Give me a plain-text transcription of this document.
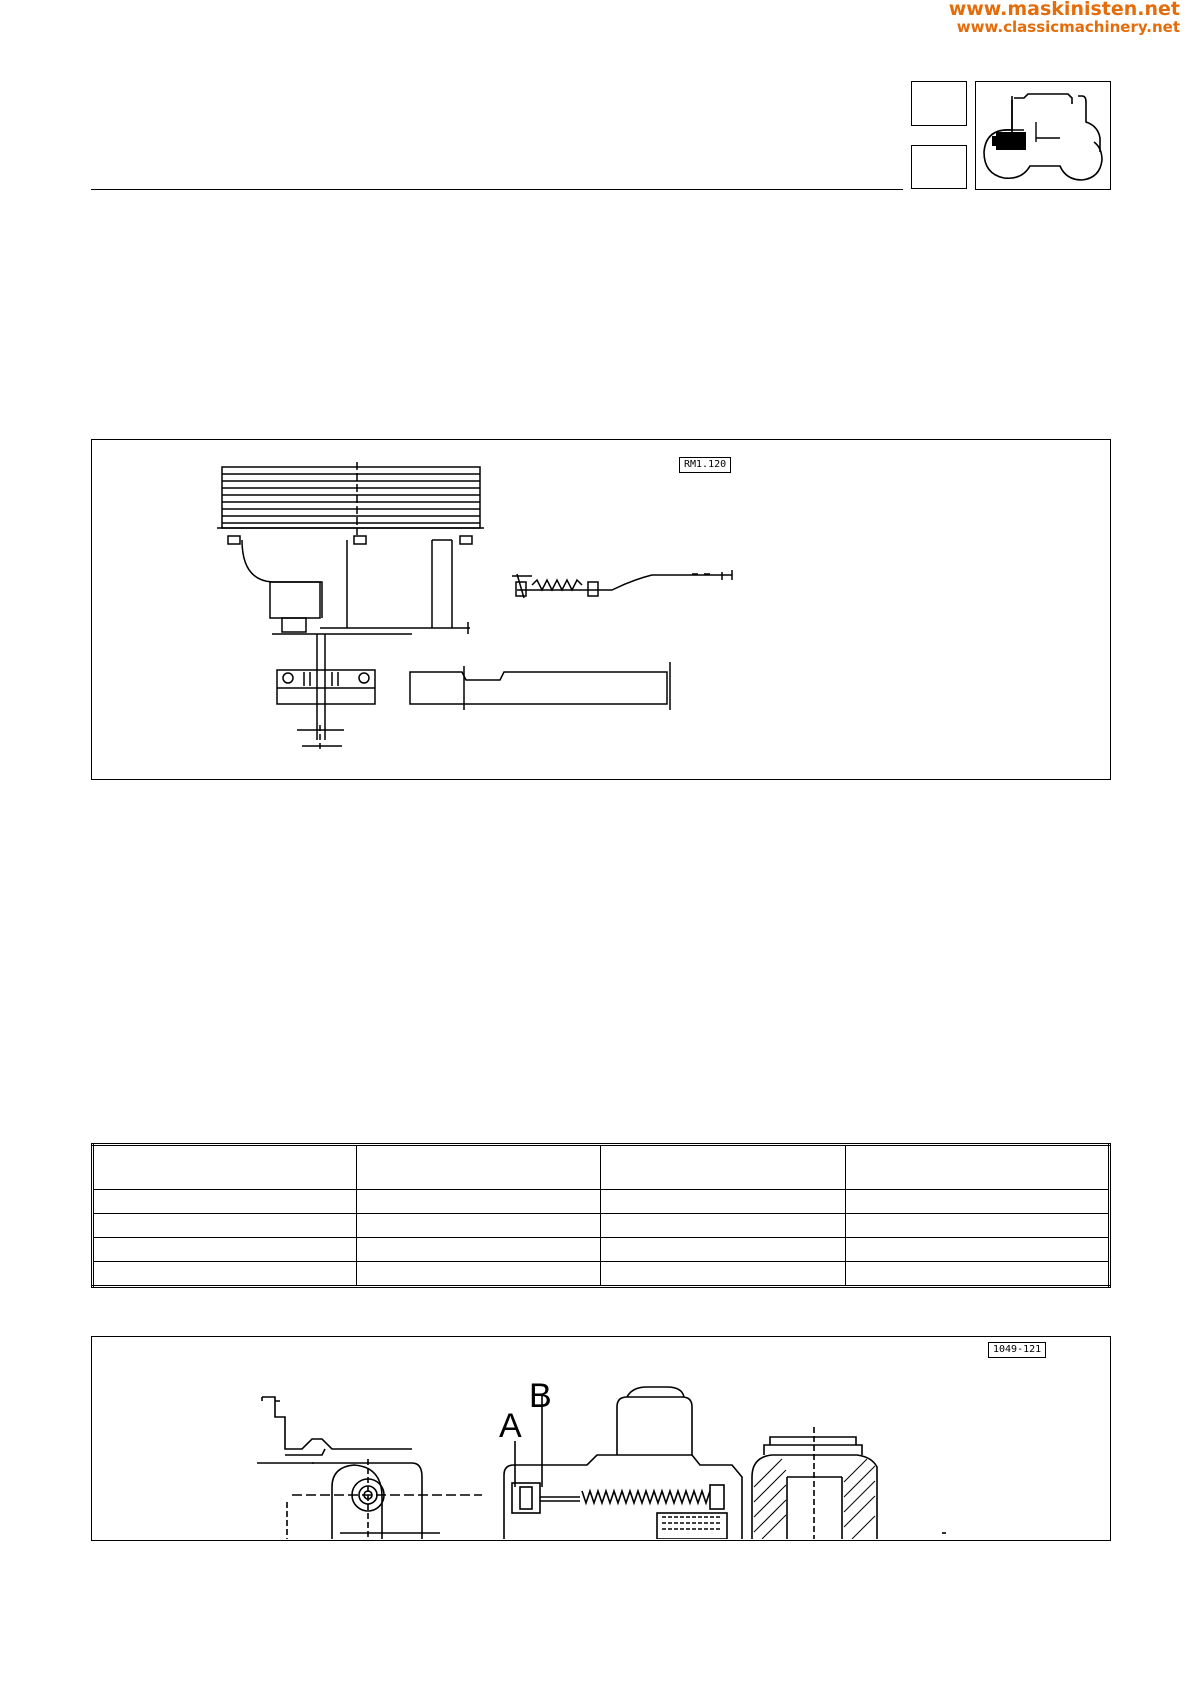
www.maskinisten.net
www.classicmachinery.net
RM1.120

1049-121
A
B
